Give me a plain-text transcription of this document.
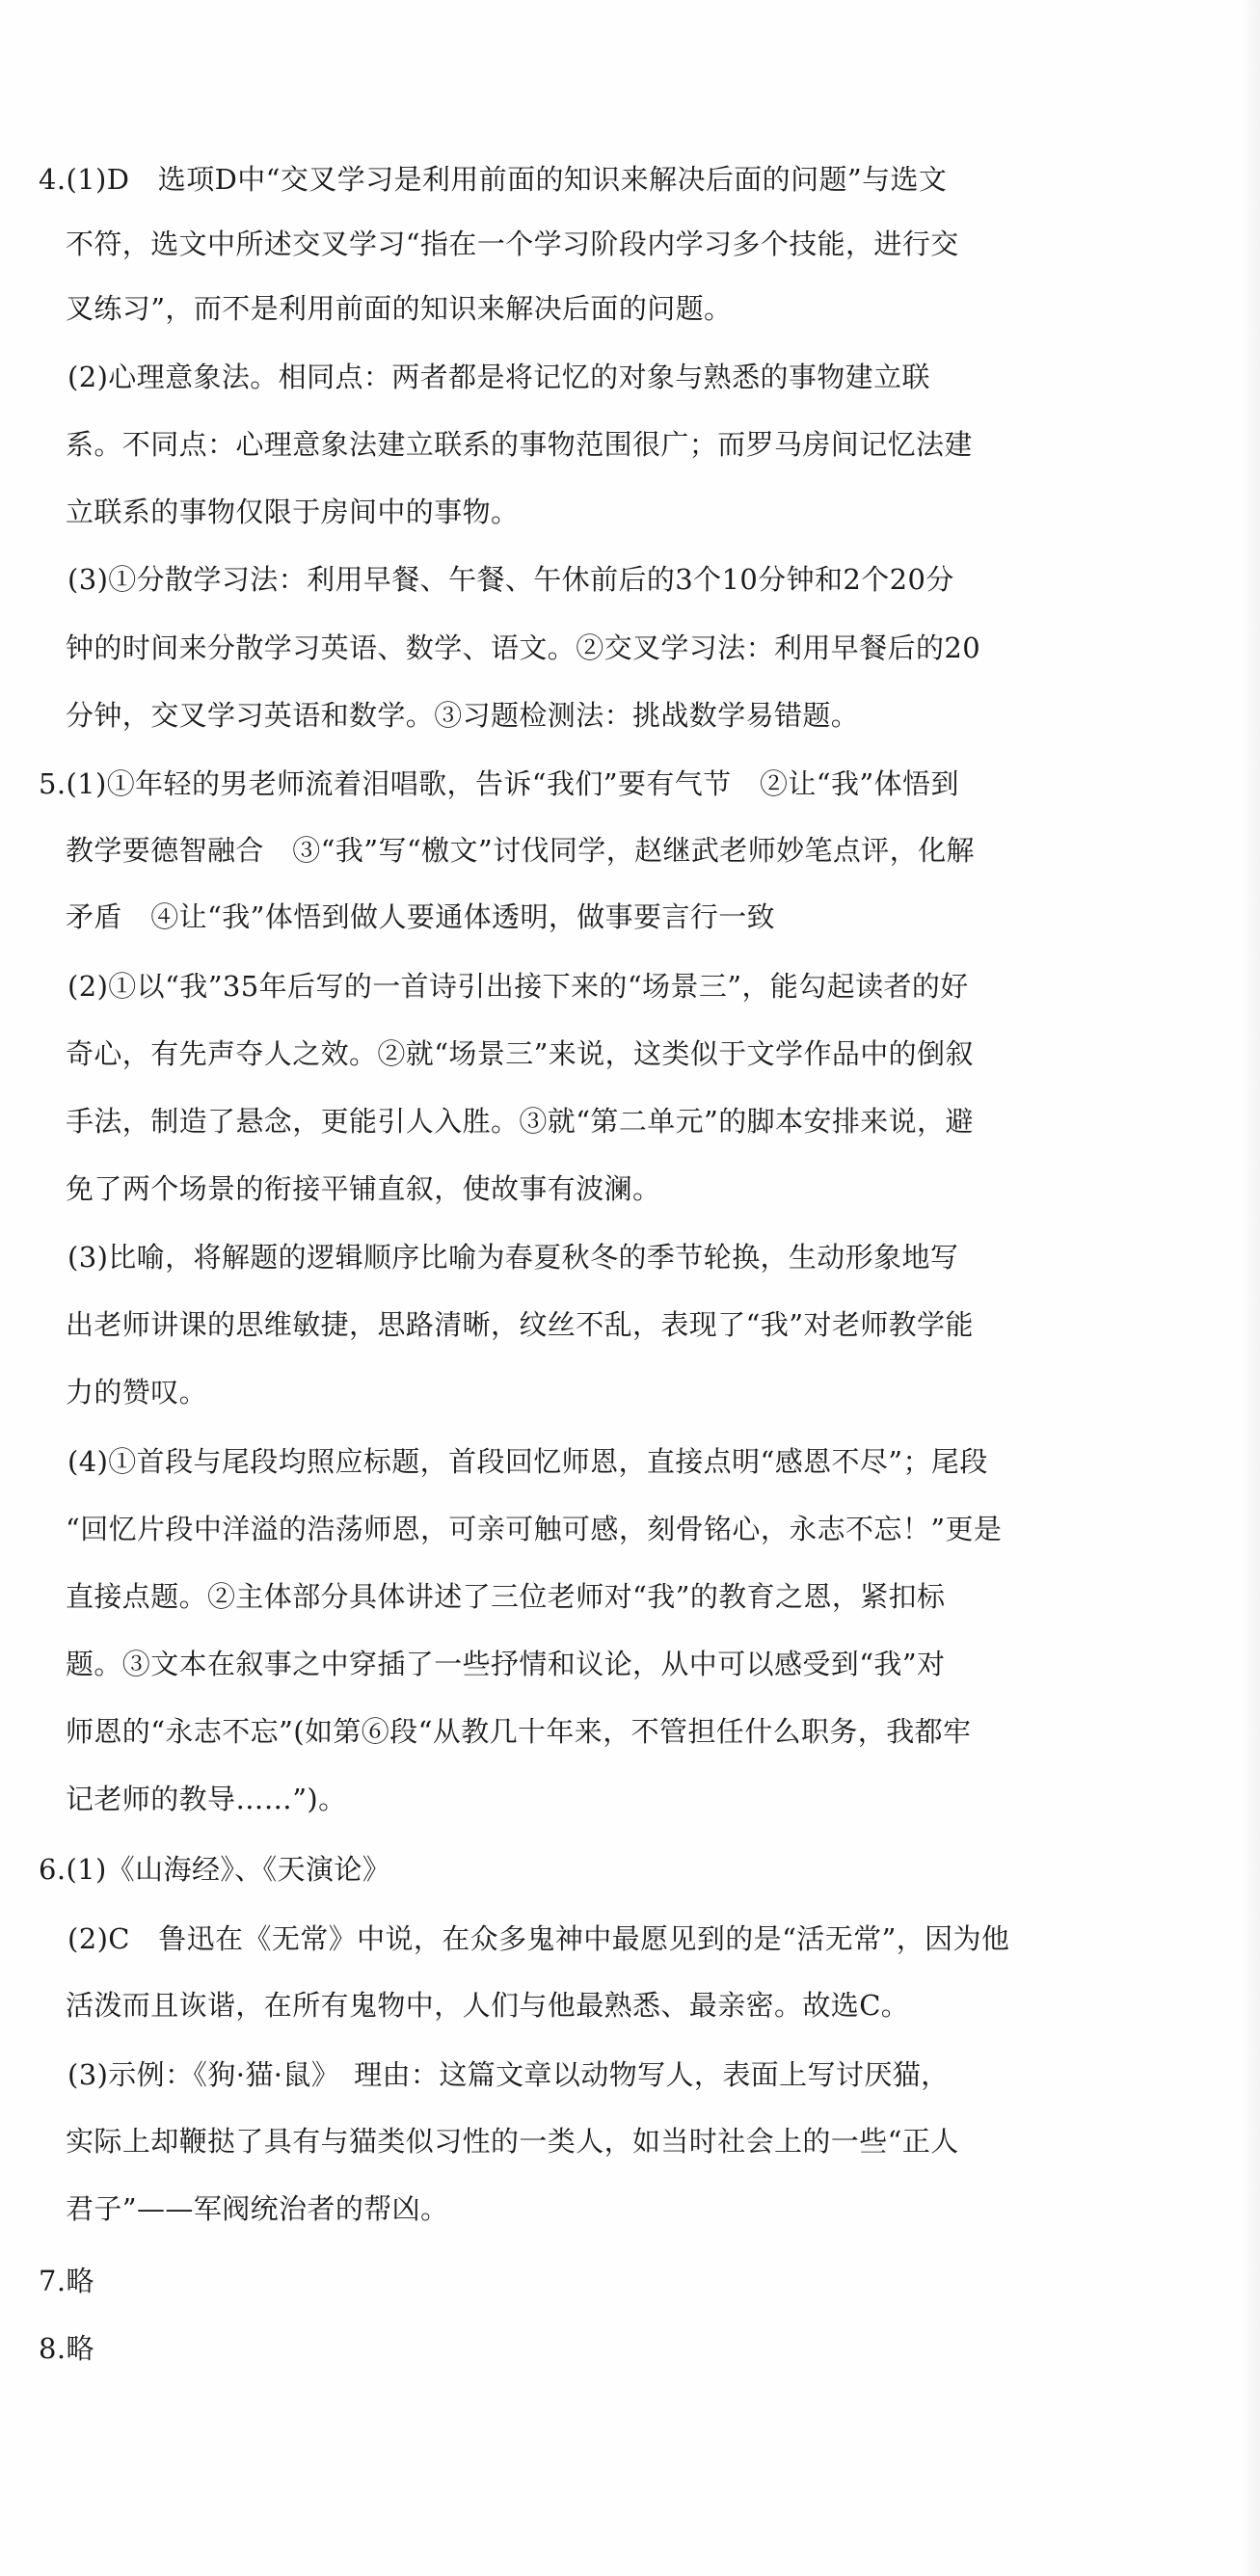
4.(1)D　选项D中“交叉学习是利用前面的知识来解决后面的问题”与选文
不符，选文中所述交叉学习“指在一个学习阶段内学习多个技能，进行交
叉练习”，而不是利用前面的知识来解决后面的问题。
(2)心理意象法。相同点：两者都是将记忆的对象与熟悉的事物建立联
系。不同点：心理意象法建立联系的事物范围很广；而罗马房间记忆法建
立联系的事物仅限于房间中的事物。
(3)①分散学习法：利用早餐、午餐、午休前后的3个10分钟和2个20分
钟的时间来分散学习英语、数学、语文。②交叉学习法：利用早餐后的20
分钟，交叉学习英语和数学。③习题检测法：挑战数学易错题。
5.(1)①年轻的男老师流着泪唱歌，告诉“我们”要有气节　②让“我”体悟到
教学要德智融合　③“我”写“檄文”讨伐同学，赵继武老师妙笔点评，化解
矛盾　④让“我”体悟到做人要通体透明，做事要言行一致
(2)①以“我”35年后写的一首诗引出接下来的“场景三”，能勾起读者的好
奇心，有先声夺人之效。②就“场景三”来说，这类似于文学作品中的倒叙
手法，制造了悬念，更能引人入胜。③就“第二单元”的脚本安排来说，避
免了两个场景的衔接平铺直叙，使故事有波澜。
(3)比喻，将解题的逻辑顺序比喻为春夏秋冬的季节轮换，生动形象地写
出老师讲课的思维敏捷，思路清晰，纹丝不乱，表现了“我”对老师教学能
力的赞叹。
(4)①首段与尾段均照应标题，首段回忆师恩，直接点明“感恩不尽”；尾段
“回忆片段中洋溢的浩荡师恩，可亲可触可感，刻骨铭心，永志不忘！”更是
直接点题。②主体部分具体讲述了三位老师对“我”的教育之恩，紧扣标
题。③文本在叙事之中穿插了一些抒情和议论，从中可以感受到“我”对
师恩的“永志不忘”(如第⑥段“从教几十年来，不管担任什么职务，我都牢
记老师的教导……”)。
6.(1)《山海经》、《天演论》
(2)C　鲁迅在《无常》中说，在众多鬼神中最愿见到的是“活无常”，因为他
活泼而且诙谐，在所有鬼物中，人们与他最熟悉、最亲密。故选C。
(3)示例：《狗·猫·鼠》　理由：这篇文章以动物写人，表面上写讨厌猫，
实际上却鞭挞了具有与猫类似习性的一类人，如当时社会上的一些“正人
君子”——军阀统治者的帮凶。
7.略
8.略
